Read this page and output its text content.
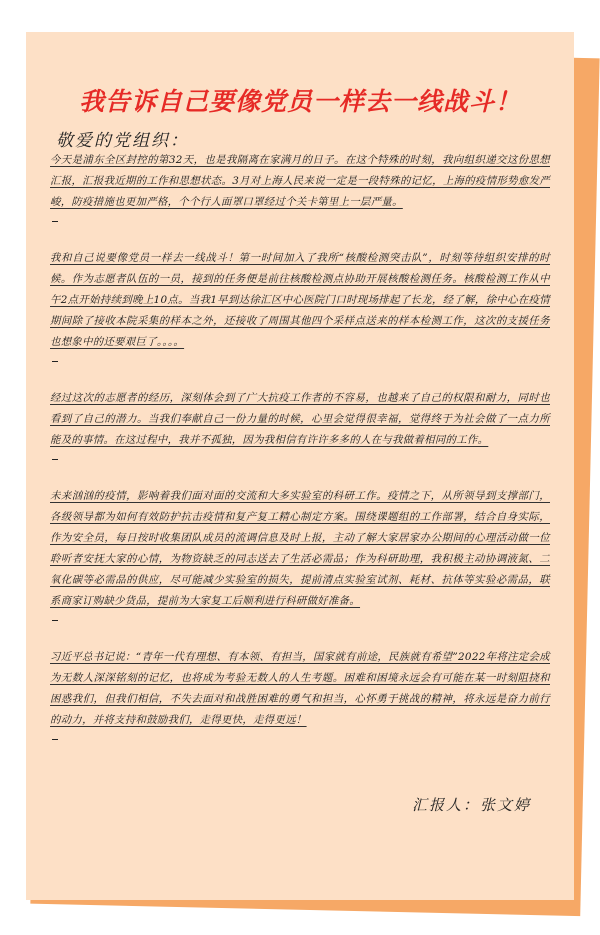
我告诉自己要像党员一样去一线战斗！
敬爱的党组织：

今天是浦东全区封控的第32天，也是我隔离在家满月的日子。在这个特殊的时刻，我向组织递交这份思想汇报，汇报我近期的工作和思想状态。3月对上海人民来说一定是一段特殊的记忆，上海的疫情形势愈发严峻，防疫措施也更加严格，个个行人面罩口罩经过个关卡第里上一层严量。

我和自己说要像党员一样去一线战斗！第一时间加入了我所“核酸检测突击队”，时刻等待组织安排的时候。作为志愿者队伍的一员，接到的任务便是前往核酸检测点协助开展核酸检测任务。核酸检测工作从中午2点开始持续到晚上10点。当我1早到达徐汇区中心医院门口时现场排起了长龙，经了解，徐中心在疫情期间除了接收本院采集的样本之外，还接收了周围其他四个采样点送来的样本检测工作，这次的支援任务也想象中的还要艰巨了。。。。

经过这次的志愿者的经历，深刻体会到了广大抗疫工作者的不容易，也越来了自己的权限和耐力，同时也看到了自己的潜力。当我们奉献自己一份力量的时候，心里会觉得很幸福，觉得终于为社会做了一点力所能及的事情。在这过程中，我并不孤独，因为我相信有许许多多的人在与我做着相同的工作。

未来汹汹的疫情，影响着我们面对面的交流和大多实验室的科研工作。疫情之下，从所领导到支撑部门，各级领导都为如何有效防护抗击疫情和复产复工精心制定方案。围绕课题组的工作部署，结合自身实际，作为安全员，每日按时收集团队成员的流调信息及时上报，主动了解大家居家办公期间的心理活动做一位聆听者安抚大家的心情，为物资缺乏的同志送去了生活必需品；作为科研助理，我积极主动协调液氮、二氧化碳等必需品的供应，尽可能减少实验室的损失，提前清点实验室试剂、耗材、抗体等实验必需品，联系商家订购缺少货品，提前为大家复工后顺利进行科研做好准备。

习近平总书记说：“青年一代有理想、有本领、有担当，国家就有前途，民族就有希望”2022年将注定会成为无数人深深铭刻的记忆，也将成为考验无数人的人生考题。困难和困境永远会有可能在某一时刻阻挠和困惑我们，但我们相信，不失去面对和战胜困难的勇气和担当，心怀勇于挑战的精神，将永远是奋力前行的动力，并将支持和鼓励我们，走得更快，走得更远！

汇报人：张文婷
